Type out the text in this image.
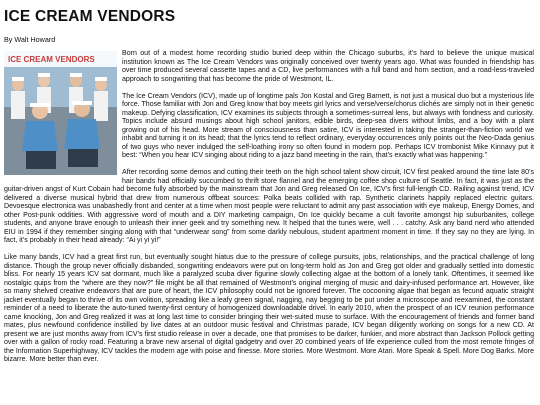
ICE CREAM VENDORS

By Walt Howard

ICE CREAM VENDORS

Born out of a modest home recording studio buried deep within the Chicago suburbs, it’s hard to believe the unique musical institution known as The Ice Cream Vendors was originally conceived over twenty years ago. What was founded in friendship has over time produced several cassette tapes and a CD, live performances with a full band and horn section, and a road-less-traveled approach to songwriting that has become the pride of Westmont, IL.

The Ice Cream Vendors (ICV), made up of longtime pals Jon Kostal and Greg Barnett, is not just a musical duo but a mysterious life force. Those familiar with Jon and Greg know that boy meets girl lyrics and verse/verse/chorus clichés are simply not in their genetic makeup. Defying classification, ICV examines its subjects through a sometimes-surreal lens, but always with fondness and curiosity. Topics include absurd musings about high school janitors, edible birds, deep-sea divers without limbs, and a boy with a plant growing out of his head. More stream of consciousness than satire, ICV is interested in taking the stranger-than-fiction world we inhabit and turning it on its head; that the lyrics tend to reflect ordinary, everyday occurrences only points out the Neo-Dada genius of two guys who never indulged the self-loathing irony so often found in modern pop. Perhaps ICV trombonist Mike Kinnavy put it best: “When you hear ICV singing about riding to a jazz band meeting in the rain, that’s exactly what was happening.”

After recording some demos and cutting their teeth on the high school talent show circuit, ICV first peaked around the time late 80’s hair bands had officially succumbed to thrift store flannel and the emerging coffee shop culture of Seattle. In fact, it was just as the guitar-driven angst of Kurt Cobain had become fully absorbed by the mainstream that Jon and Greg released On Ice, ICV’s first full-length CD. Railing against trend, ICV delivered a diverse musical hybrid that drew from numerous offbeat sources: Polka beats collided with rap. Synthetic clarinets happily replaced electric guitars. Devoesque electronica was unabashedly front and center at a time when most people were reluctant to admit any past association with eye makeup, Energy Domes, and other Post-punk oddities. With aggressive word of mouth and a DIY marketing campaign, On Ice quickly became a cult favorite amongst hip suburbanites, college students, and anyone brave enough to unleash their inner geek and try something new. It helped that the tunes were, well . . . catchy. Ask any band nerd who attended EIU in 1994 if they remember singing along with that “underwear song” from some darkly nebulous, student apartment moment in time. If they say no they are lying. In fact, it’s probably in their head already: “Ai yi yi yi!”

Like many bands, ICV had a great first run, but eventually sought hiatus due to the pressure of college pursuits, jobs, relationships, and the practical challenge of long distance. Though the group never officially disbanded, songwriting endeavors were put on long-term hold as Jon and Greg got older and gradually settled into domestic bliss. For nearly 15 years ICV sat dormant, much like a paralyzed scuba diver figurine slowly collecting algae at the bottom of a lonely tank. Oftentimes, it seemed like nostalgic quips from the “where are they now?” file might be all that remained of Westmont’s original merging of music and dairy-infused performance art. However, like so many shelved creative endeavors that are pure of heart, the ICV philosophy could not be ignored forever. The cocooning algae that began as fecund aquatic straight jacket eventually began to thrive of its own volition, spreading like a leafy green signal, nagging, nay begging to be put under a microscope and reexamined, the constant reminder of a need to liberate the auto-tuned twenty-first century of homogenized downloadable drivel. In early 2010, when the prospect of an ICV reunion performance came knocking, Jon and Greg realized it was at long last time to consider bringing their wet-suited muse to surface. With the encouragement of friends and former band mates, plus newfound confidence instilled by live dates at an outdoor music festival and Christmas parade, ICV began diligently working on songs for a new CD. At present we are just months away from ICV’s first studio release in over a decade, one that promises to be darker, funkier, and more abstract than Jackson Pollock getting over with a gallon of rocky road. Featuring a brave new arsenal of digital gadgetry and over 20 combined years of life experience culled from the most remote fringes of the Information Superhighway, ICV tackles the modern age with poise and finesse. More stories. More Westmont. More Atari. More Speak & Spell. More Dog Barks. More bizarre. More better than ever.
